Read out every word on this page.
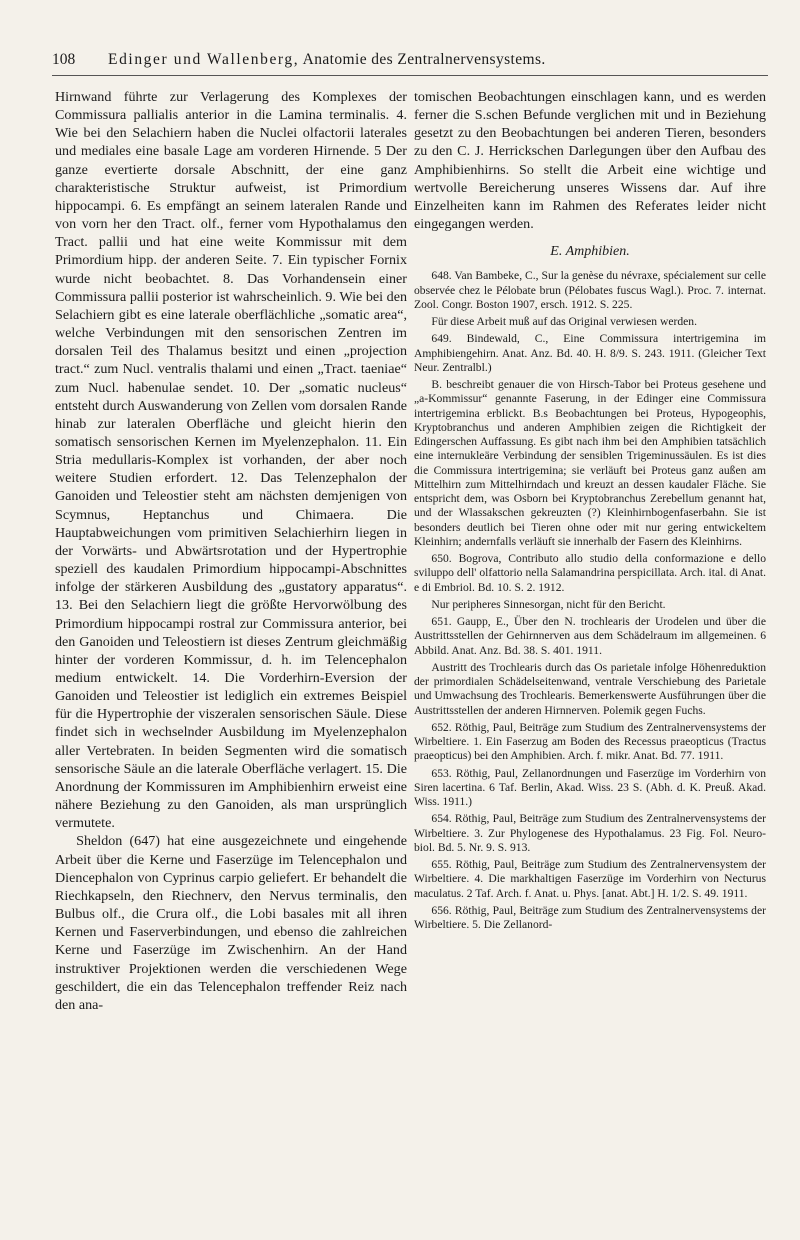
108	Edinger und Wallenberg, Anatomie des Zentralnervensystems.

Hirnwand führte zur Verlagerung des Komplexes der Commissura pallialis anterior in die Lamina terminalis. 4. Wie bei den Selachiern haben die Nuclei olfactorii laterales und mediales eine basale Lage am vorderen Hirnende. 5 Der ganze evertierte dorsale Abschnitt, der eine ganz charakteristische Struktur aufweist, ist Primordium hippocampi. 6. Es empfängt an seinem lateralen Rande und von vorn her den Tract. olf., ferner vom Hypothalamus den Tract. pallii und hat eine weite Kommissur mit dem Primordium hipp. der anderen Seite. 7. Ein typischer Fornix wurde nicht beobachtet. 8. Das Vorhandensein einer Commissura pallii posterior ist wahrscheinlich. 9. Wie bei den Selachiern gibt es eine laterale oberflächliche „somatic area“, welche Verbindungen mit den sensorischen Zentren im dorsalen Teil des Thalamus besitzt und einen „projection tract.“ zum Nucl. ventralis thalami und einen „Tract. taeniae“ zum Nucl. habenulae sendet. 10. Der „somatic nucleus“ entsteht durch Auswanderung von Zellen vom dorsalen Rande hinab zur lateralen Oberfläche und gleicht hierin den somatisch sensorischen Kernen im Myelenzephalon. 11. Ein Stria medullaris-Komplex ist vorhanden, der aber noch weitere Studien erfordert. 12. Das Telenzephalon der Ganoiden und Teleostier steht am nächsten demjenigen von Scymnus, Heptanchus und Chimaera. Die Hauptabweichungen vom primitiven Selachierhirn liegen in der Vorwärts- und Abwärtsrotation und der Hypertrophie speziell des kaudalen Primordium hippocampi-Abschnittes infolge der stärkeren Ausbildung des „gustatory apparatus“. 13. Bei den Selachiern liegt die größte Hervorwölbung des Primordium hippocampi rostral zur Commissura anterior, bei den Ganoiden und Teleostiern ist dieses Zentrum gleichmäßig hinter der vorderen Kommissur, d. h. im Telencephalon medium entwickelt. 14. Die Vorderhirn-Eversion der Ganoiden und Teleostier ist lediglich ein extremes Beispiel für die Hypertrophie der viszeralen sensorischen Säule. Diese findet sich in wechselnder Ausbildung im Myelenzephalon aller Vertebraten. In beiden Segmenten wird die somatisch sensorische Säule an die laterale Oberfläche verlagert. 15. Die Anordnung der Kommissuren im Amphibienhirn erweist eine nähere Beziehung zu den Ganoiden, als man ursprünglich vermutete.

Sheldon (647) hat eine ausgezeichnete und eingehende Arbeit über die Kerne und Faserzüge im Telencephalon und Diencephalon von Cyprinus carpio geliefert. Er behandelt die Riechkapseln, den Riechnerv, den Nervus terminalis, den Bulbus olf., die Crura olf., die Lobi basales mit all ihren Kernen und Faserverbindungen, und ebenso die zahlreichen Kerne und Faserzüge im Zwischenhirn. An der Hand instruktiver Projektionen werden die verschiedenen Wege geschildert, die ein das Telencephalon treffender Reiz nach den ana-

tomischen Beobachtungen einschlagen kann, und es werden ferner die S.schen Befunde verglichen mit und in Beziehung gesetzt zu den Beobachtungen bei anderen Tieren, besonders zu den C. J. Herrickschen Darlegungen über den Aufbau des Amphibienhirns. So stellt die Arbeit eine wichtige und wertvolle Bereicherung unseres Wissens dar. Auf ihre Einzelheiten kann im Rahmen des Referates leider nicht eingegangen werden.

E. Amphibien.

648. Van Bambeke, C., Sur la genèse du névraxe, spécialement sur celle observée chez le Pélobate brun (Pélobates fuscus Wagl.). Proc. 7. internat. Zool. Congr. Boston 1907, ersch. 1912. S. 225.

Für diese Arbeit muß auf das Original verwiesen werden.

649. Bindewald, C., Eine Commissura intertrigemina im Amphibiengehirn. Anat. Anz. Bd. 40. H. 8/9. S. 243. 1911. (Gleicher Text Neur. Zentralbl.)

B. beschreibt genauer die von Hirsch-Tabor bei Proteus gesehene und „a-Kommissur“ genannte Faserung, in der Edinger eine Commissura intertrigemina erblickt. B.s Beobachtungen bei Proteus, Hypogeophis, Kryptobranchus und anderen Amphibien zeigen die Richtigkeit der Edingerschen Auffassung. Es gibt nach ihm bei den Amphibien tatsächlich eine internukleäre Verbindung der sensiblen Trigeminussäulen. Es ist dies die Commissura intertrigemina; sie verläuft bei Proteus ganz außen am Mittelhirn zum Mittelhirndach und kreuzt an dessen kaudaler Fläche. Sie entspricht dem, was Osborn bei Kryptobranchus Zerebellum genannt hat, und der Wlassakschen gekreuzten (?) Kleinhirnbogenfaserbahn. Sie ist besonders deutlich bei Tieren ohne oder mit nur gering entwickeltem Kleinhirn; andernfalls verläuft sie innerhalb der Fasern des Kleinhirns.

650. Bogrova, Contributo allo studio della conformazione e dello sviluppo dell' olfattorio nella Salamandrina perspicillata. Arch. ital. di Anat. e di Embriol. Bd. 10. S. 2. 1912.

Nur peripheres Sinnesorgan, nicht für den Bericht.

651. Gaupp, E., Über den N. trochlearis der Urodelen und über die Austrittsstellen der Gehirnnerven aus dem Schädelraum im allgemeinen. 6 Abbild. Anat. Anz. Bd. 38. S. 401. 1911.

Austritt des Trochlearis durch das Os parietale infolge Höhenreduktion der primordialen Schädelseitenwand, ventrale Verschiebung des Parietale und Umwachsung des Trochlearis. Bemerkenswerte Ausführungen über die Austrittsstellen der anderen Hirnnerven. Polemik gegen Fuchs.

652. Röthig, Paul, Beiträge zum Studium des Zentralnervensystems der Wirbeltiere. 1. Ein Faserzug am Boden des Recessus praeopticus (Tractus praeopticus) bei den Amphibien. Arch. f. mikr. Anat. Bd. 77. 1911.

653. Röthig, Paul, Zellanordnungen und Faserzüge im Vorderhirn von Siren lacertina. 6 Taf. Berlin, Akad. Wiss. 23 S. (Abh. d. K. Preuß. Akad. Wiss. 1911.)

654. Röthig, Paul, Beiträge zum Studium des Zentralnervensystems der Wirbeltiere. 3. Zur Phylogenese des Hypothalamus. 23 Fig. Fol. Neuro-biol. Bd. 5. Nr. 9. S. 913.

655. Röthig, Paul, Beiträge zum Studium des Zentralnervensystem der Wirbeltiere. 4. Die markhaltigen Faserzüge im Vorderhirn von Necturus maculatus. 2 Taf. Arch. f. Anat. u. Phys. [anat. Abt.] H. 1/2. S. 49. 1911.

656. Röthig, Paul, Beiträge zum Studium des Zentralnervensystems der Wirbeltiere. 5. Die Zellanord-
